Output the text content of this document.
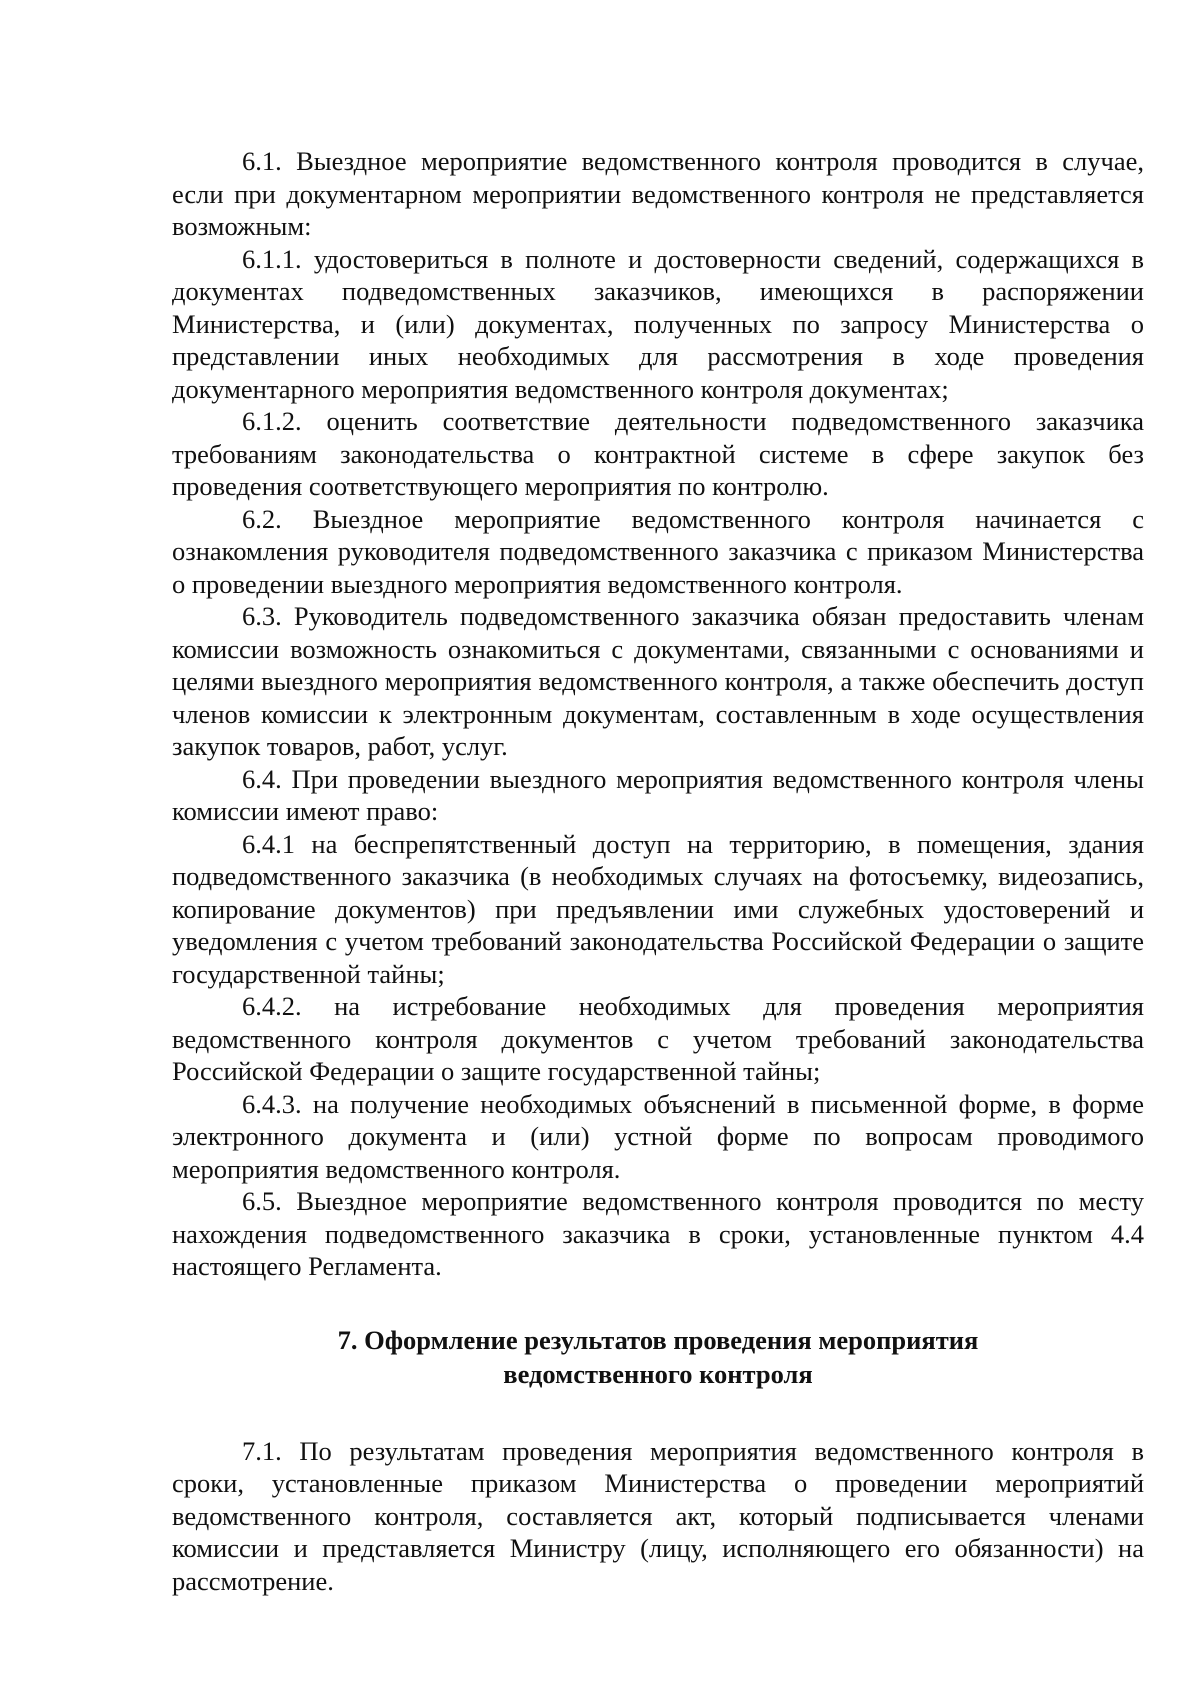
6.1. Выездное мероприятие ведомственного контроля проводится в случае, если при документарном мероприятии ведомственного контроля не представляется возможным:

6.1.1. удостовериться в полноте и достоверности сведений, содержащихся в документах подведомственных заказчиков, имеющихся в распоряжении Министерства, и (или) документах, полученных по запросу Министерства о представлении иных необходимых для рассмотрения в ходе проведения документарного мероприятия ведомственного контроля документах;

6.1.2. оценить соответствие деятельности подведомственного заказчика требованиям законодательства о контрактной системе в сфере закупок без проведения соответствующего мероприятия по контролю.

6.2. Выездное мероприятие ведомственного контроля начинается с ознакомления руководителя подведомственного заказчика с приказом Министерства о проведении выездного мероприятия ведомственного контроля.

6.3. Руководитель подведомственного заказчика обязан предоставить членам комиссии возможность ознакомиться с документами, связанными с основаниями и целями выездного мероприятия ведомственного контроля, а также обеспечить доступ членов комиссии к электронным документам, составленным в ходе осуществления закупок товаров, работ, услуг.

6.4. При проведении выездного мероприятия ведомственного контроля члены комиссии имеют право:

6.4.1 на беспрепятственный доступ на территорию, в помещения, здания подведомственного заказчика (в необходимых случаях на фотосъемку, видеозапись, копирование документов) при предъявлении ими служебных удостоверений и уведомления с учетом требований законодательства Российской Федерации о защите государственной тайны;

6.4.2. на истребование необходимых для проведения мероприятия ведомственного контроля документов с учетом требований законодательства Российской Федерации о защите государственной тайны;

6.4.3. на получение необходимых объяснений в письменной форме, в форме электронного документа и (или) устной форме по вопросам проводимого мероприятия ведомственного контроля.

6.5. Выездное мероприятие ведомственного контроля проводится по месту нахождения подведомственного заказчика в сроки, установленные пунктом 4.4 настоящего Регламента.

7. Оформление результатов проведения мероприятия

ведомственного контроля

7.1. По результатам проведения мероприятия ведомственного контроля в сроки, установленные приказом Министерства о проведении мероприятий ведомственного контроля, составляется акт, который подписывается членами комиссии и представляется Министру (лицу, исполняющего его обязанности) на рассмотрение.
